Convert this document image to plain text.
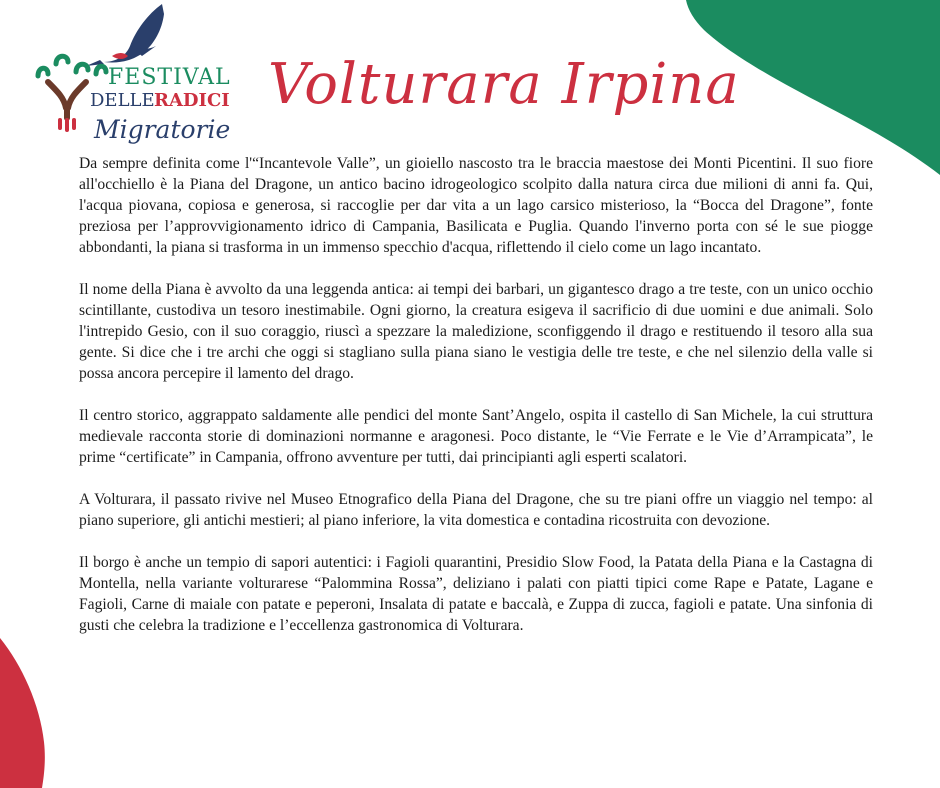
FESTIVAL
DELLE RADICI
Migratorie
Volturara Irpina

Da sempre definita come l'“Incantevole Valle”, un gioiello nascosto tra le braccia maestose dei Monti Picentini. Il suo fiore all'occhiello è la Piana del Dragone, un antico bacino idrogeologico scolpito dalla natura circa due milioni di anni fa. Qui, l'acqua piovana, copiosa e generosa, si raccoglie per dar vita a un lago carsico misterioso, la “Bocca del Dragone”, fonte preziosa per l’approvvigionamento idrico di Campania, Basilicata e Puglia. Quando l'inverno porta con sé le sue piogge abbondanti, la piana si trasforma in un immenso specchio d'acqua, riflettendo il cielo come un lago incantato.

Il nome della Piana è avvolto da una leggenda antica: ai tempi dei barbari, un gigantesco drago a tre teste, con un unico occhio scintillante, custodiva un tesoro inestimabile. Ogni giorno, la creatura esigeva il sacrificio di due uomini e due animali. Solo l'intrepido Gesio, con il suo coraggio, riuscì a spezzare la maledizione, sconfiggendo il drago e restituendo il tesoro alla sua gente. Si dice che i tre archi che oggi si stagliano sulla piana siano le vestigia delle tre teste, e che nel silenzio della valle si possa ancora percepire il lamento del drago.

Il centro storico, aggrappato saldamente alle pendici del monte Sant’Angelo, ospita il castello di San Michele, la cui struttura medievale racconta storie di dominazioni normanne e aragonesi. Poco distante, le “Vie Ferrate e le Vie d’Arrampicata”, le prime “certificate” in Campania, offrono avventure per tutti, dai principianti agli esperti scalatori.

A Volturara, il passato rivive nel Museo Etnografico della Piana del Dragone, che su tre piani offre un viaggio nel tempo: al piano superiore, gli antichi mestieri; al piano inferiore, la vita domestica e contadina ricostruita con devozione.

Il borgo è anche un tempio di sapori autentici: i Fagioli quarantini, Presidio Slow Food, la Patata della Piana e la Castagna di Montella, nella variante volturarese “Palommina Rossa”, deliziano i palati con piatti tipici come Rape e Patate, Lagane e Fagioli, Carne di maiale con patate e peperoni, Insalata di patate e baccalà, e Zuppa di zucca, fagioli e patate. Una sinfonia di gusti che celebra la tradizione e l’eccellenza gastronomica di Volturara.
